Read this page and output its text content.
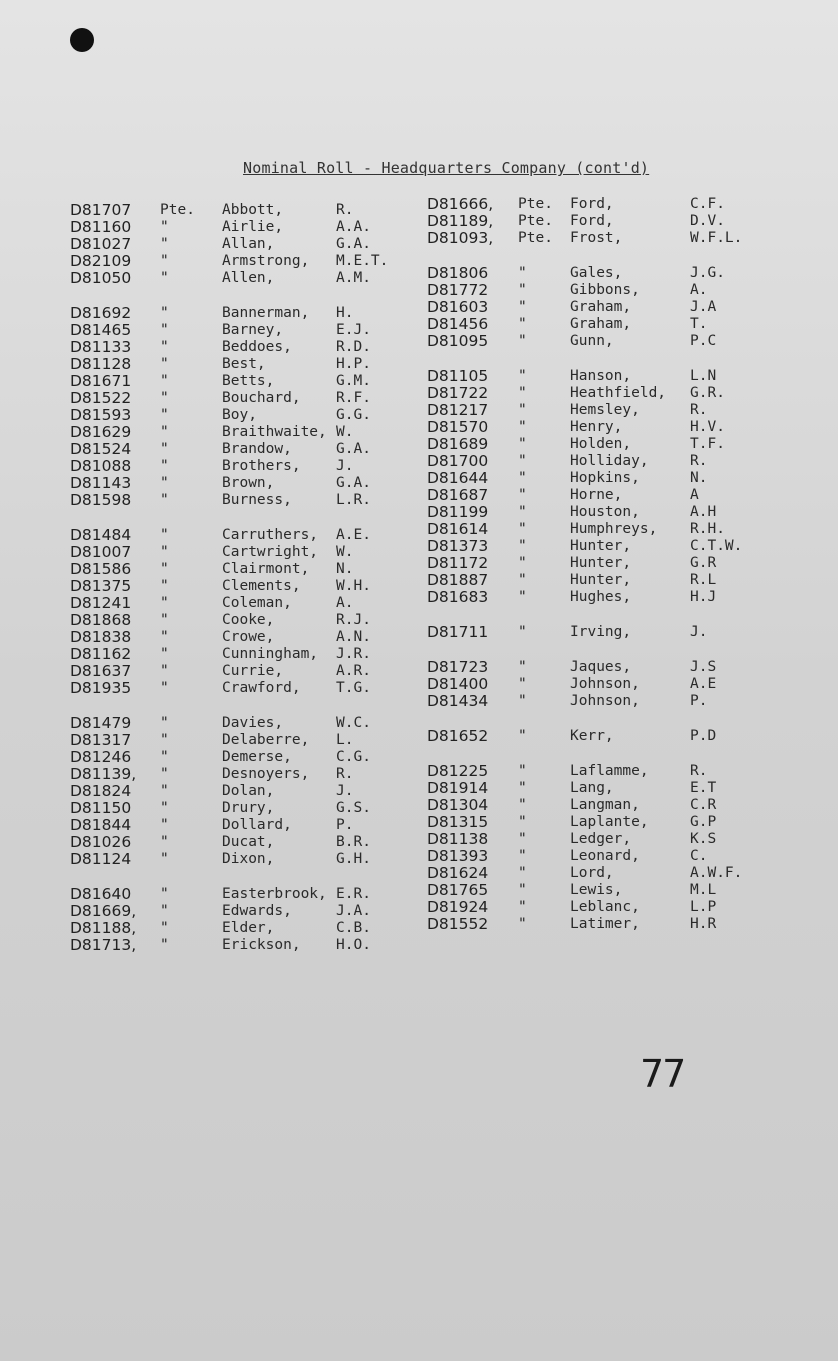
Nominal Roll - Headquarters Company (cont'd)
D81707 Pte. Abbott,	R.
D81160 "	Airlie,	A.A.
D81027 "	Allan,	G.A.
D82109 "	Armstrong, M.E.T.
D81050 "	Allen,	A.M.
D81692 "	Bannerman, H.
D81465 "	Barney,	E.J.
D81133 "	Beddoes,	R.D.
D81128 "	Best,	H.P.
D81671 "	Betts,	G.M.
D81522 "	Bouchard, R.F.
D81593 "	Boy,	G.G.
D81629 "	Braithwaite, W.
D81524 "	Brandow,	G.A.
D81088 "	Brothers, J.
D81143 "	Brown,	G.A.
D81598 "	Burness,	L.R.
D81484 "	Carruthers, A.E.
D81007 "	Cartwright, W.
D81586 "	Clairmont, N.
D81375 "	Clements, W.H.
D81241 "	Coleman,	A.
D81868 "	Cooke,	R.J.
D81838 "	Crowe,	A.N.
D81162 "	Cunningham, J.R.
D81637 "	Currie,	A.R.
D81935 "	Crawford, T.G.
D81479 "	Davies,	W.C.
D81317 "	Delaberre, L.
D81246 "	Demerse,	C.G.
D81139, "	Desnoyers, R.
D81824 "	Dolan,	J.
D81150 "	Drury,	G.S.
D81844 "	Dollard,	P.
D81026 "	Ducat,	B.R.
D81124 "	Dixon,	G.H.
D81640 "	Easterbrook, E.R.
D81669, "	Edwards,	J.A.
D81188, "	Elder,	C.B.
D81713, "	Erickson, H.O.
D81666, Pte. Ford,	C.F.
D81189, Pte. Ford,	D.V.
D81093, Pte. Frost,	W.F.L.
D81806 "	Gales,	J.G.
D81772 "	Gibbons,	A.
D81603 "	Graham,	J.A
D81456 "	Graham,	T.
D81095 "	Gunn,	P.C
D81105 "	Hanson,	L.N
D81722 "	Heathfield, G.R.
D81217 "	Hemsley,	R.
D81570 "	Henry,	H.V.
D81689 "	Holden,	T.F.
D81700 "	Holliday,	R.
D81644 "	Hopkins,	N.
D81687 "	Horne,	A
D81199 "	Houston,	A.H
D81614 "	Humphreys, R.H.
D81373 "	Hunter,	C.T.W.
D81172 "	Hunter,	G.R
D81887 "	Hunter,	R.L
D81683 "	Hughes,	H.J
D81711 "	Irving,	J.
D81723 "	Jaques,	J.S
D81400 "	Johnson,	A.E
D81434 "	Johnson,	P.
D81652 "	Kerr,	P.D
D81225 "	Laflamme,	R.
D81914 "	Lang,	E.T
D81304 "	Langman,	C.R
D81315 "	Laplante,	G.P
D81138 "	Ledger,	K.S
D81393 "	Leonard,	C.
D81624 "	Lord,	A.W.F.
D81765 "	Lewis,	M.L
D81924 "	Leblanc,	L.P
D81552 "	Latimer,	H.R
77
